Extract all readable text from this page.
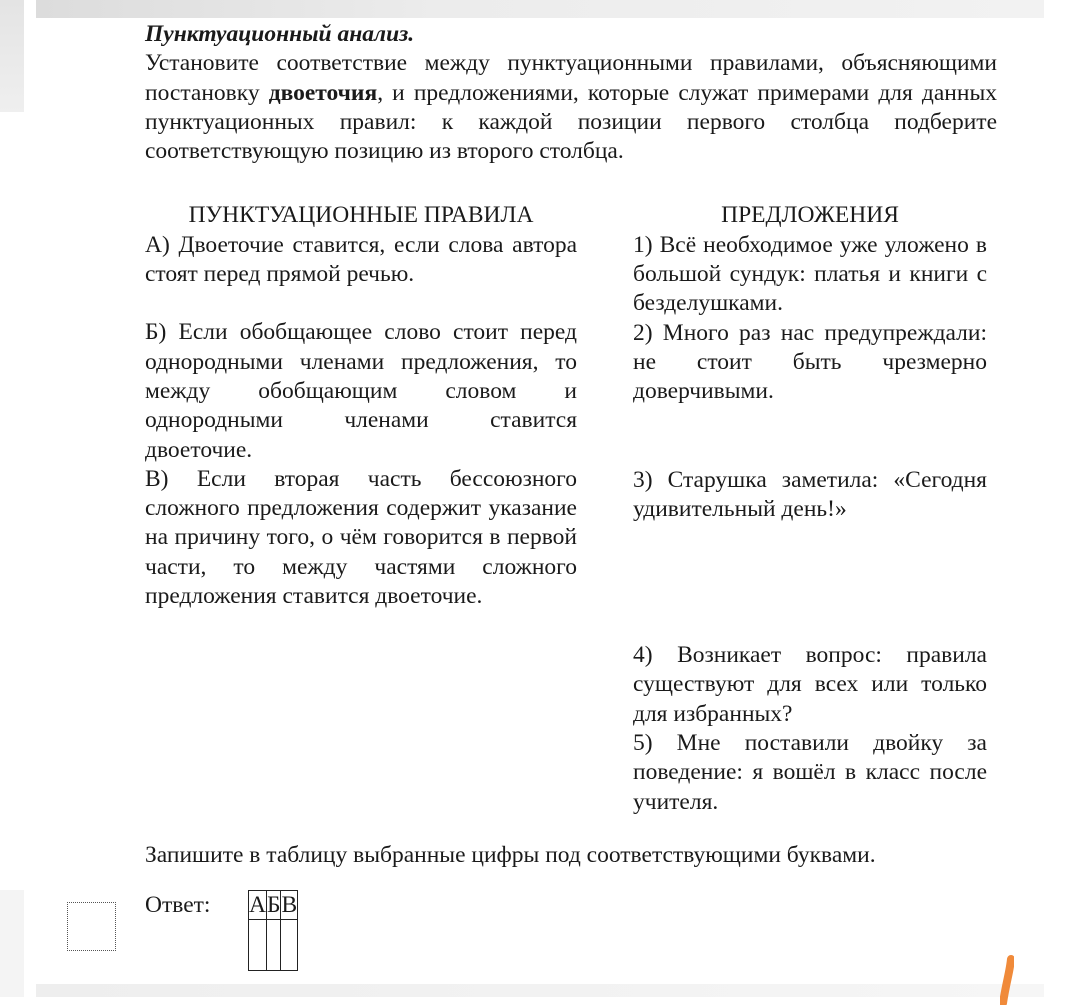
Пунктуационный анализ.
Установите соответствие между пунктуационными правилами, объясняющими постановку двоеточия, и предложениями, которые служат примерами для данных пунктуационных правил: к каждой позиции первого столбца подберите соответствующую позицию из второго столбца.
ПУНКТУАЦИОННЫЕ ПРАВИЛА
А) Двоеточие ставится, если слова автора стоят перед прямой речью.
Б) Если обобщающее слово стоит перед однородными членами предложения, то между обобщающим словом и однородными членами ставится двоеточие.
В) Если вторая часть бессоюзного сложного предложения содержит указание на причину того, о чём говорится в первой части, то между частями сложного предложения ставится двоеточие.
ПРЕДЛОЖЕНИЯ
1) Всё необходимое уже уложено в большой сундук: платья и книги с безделушками.
2) Много раз нас предупреждали: не стоит быть чрезмерно доверчивыми.
3) Старушка заметила: «Сегодня удивительный день!»
4) Возникает вопрос: правила существуют для всех или только для избранных?
5) Мне поставили двойку за поведение: я вошёл в класс после учителя.
Запишите в таблицу выбранные цифры под соответствующими буквами.
Ответ: А	Б	В
